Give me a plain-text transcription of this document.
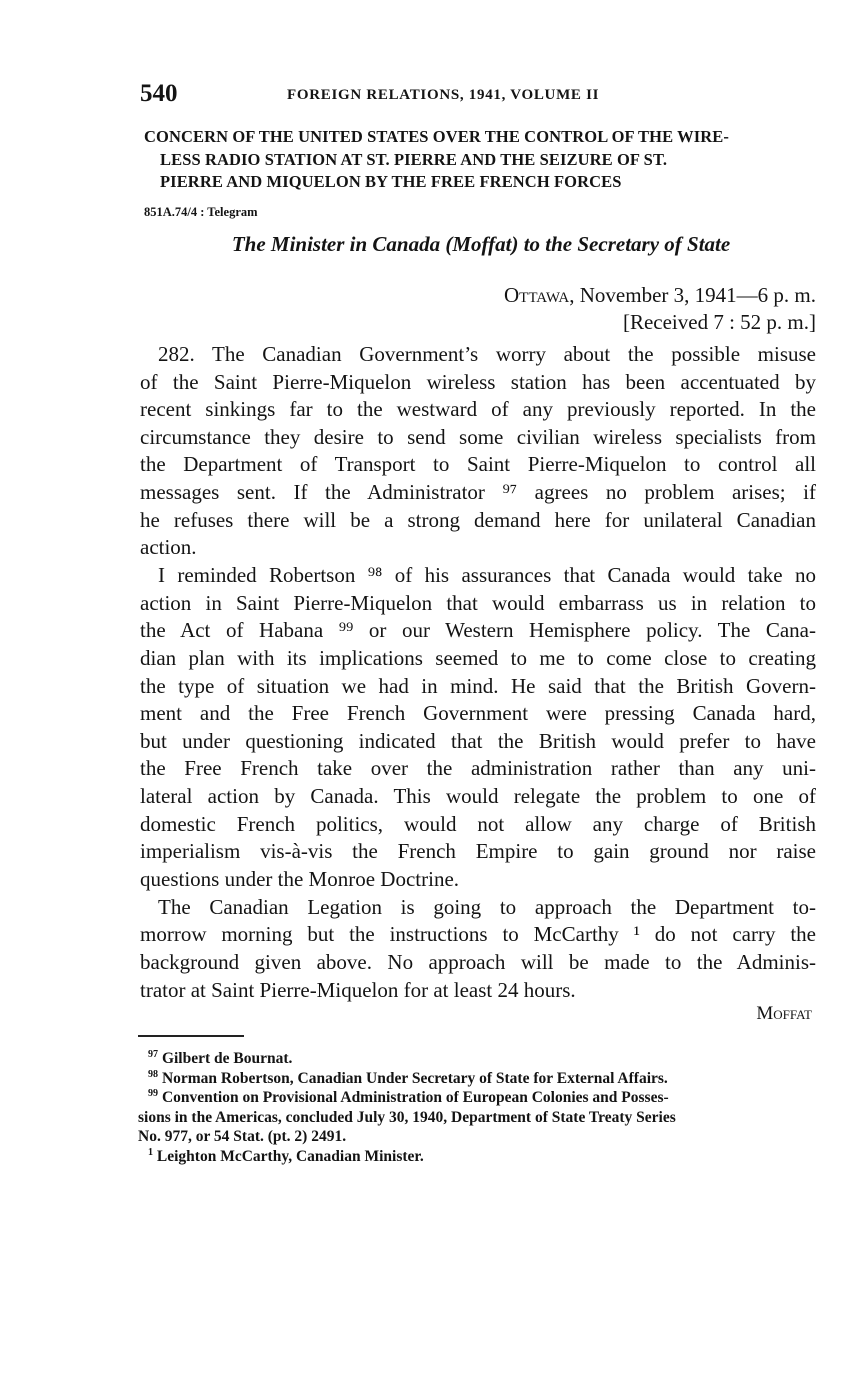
540	FOREIGN RELATIONS, 1941, VOLUME II
CONCERN OF THE UNITED STATES OVER THE CONTROL OF THE WIRE-
LESS RADIO STATION AT ST. PIERRE AND THE SEIZURE OF ST.
PIERRE AND MIQUELON BY THE FREE FRENCH FORCES
851A.74/4 : Telegram
The Minister in Canada (Moffat) to the Secretary of State
Ottawa, November 3, 1941—6 p. m.
[Received 7 : 52 p. m.]

282. The Canadian Government’s worry about the possible misuse
of the Saint Pierre-Miquelon wireless station has been accentuated by
recent sinkings far to the westward of any previously reported. In the
circumstance they desire to send some civilian wireless specialists from
the Department of Transport to Saint Pierre-Miquelon to control all
messages sent. If the Administrator ⁹⁷ agrees no problem arises; if
he refuses there will be a strong demand here for unilateral Canadian
action.

I reminded Robertson ⁹⁸ of his assurances that Canada would take no
action in Saint Pierre-Miquelon that would embarrass us in relation to
the Act of Habana ⁹⁹ or our Western Hemisphere policy. The Cana-
dian plan with its implications seemed to me to come close to creating
the type of situation we had in mind. He said that the British Govern-
ment and the Free French Government were pressing Canada hard,
but under questioning indicated that the British would prefer to have
the Free French take over the administration rather than any uni-
lateral action by Canada. This would relegate the problem to one of
domestic French politics, would not allow any charge of British
imperialism vis-à-vis the French Empire to gain ground nor raise
questions under the Monroe Doctrine.

The Canadian Legation is going to approach the Department to-
morrow morning but the instructions to McCarthy ¹ do not carry the
background given above. No approach will be made to the Adminis-
trator at Saint Pierre-Miquelon for at least 24 hours.

Moffat
$^{97}$ Gilbert de Bournat.
$^{98}$ Norman Robertson, Canadian Under Secretary of State for External Affairs.
$^{99}$ Convention on Provisional Administration of European Colonies and Posses-
sions in the Americas, concluded July 30, 1940, Department of State Treaty Series
No. 977, or 54 Stat. (pt. 2) 2491.
$^1$ Leighton McCarthy, Canadian Minister.
